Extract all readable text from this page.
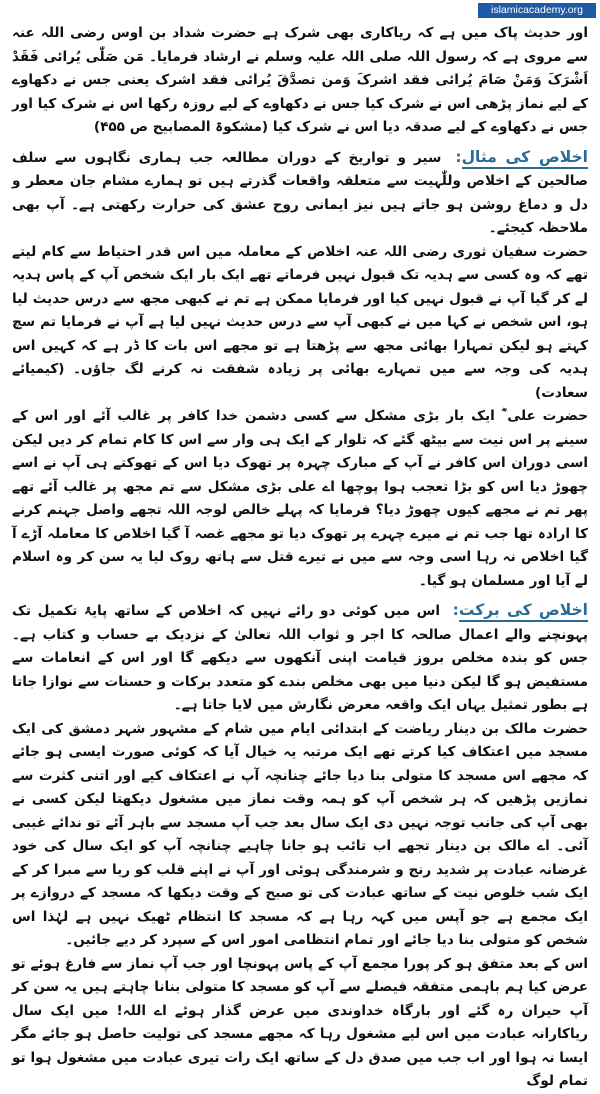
islamicacademy.org

اور حدیث پاک میں ہے کہ ریاکاری بھی شرک ہے حضرت شداد بن اوس رضی اللہ عنہ سے مروی ہے کہ رسول اللہ صلی اللہ علیہ وسلم نے ارشاد فرمایا۔ مَن صَلّٰی یُرائی فَقَدْ اَشْرَکَ وَمَنْ صَامَ یُرائی فقد اشرکَ وَمن تصدَّقَ یُرائی فقد اشرک یعنی جس نے دکھاوے کے لیے نماز پڑھی اس نے شرک کیا جس نے دکھاوے کے لیے روزہ رکھا اس نے شرک کیا اور جس نے دکھاوے کے لیے صدقہ دیا اس نے شرک کیا (مشکوۃ المصابیح ص ۴۵۵)

اخلاص کی مثال: سیر و تواریخ کے دوران مطالعہ جب ہماری نگاہوں سے سلف صالحین کے اخلاص وللّٰہیت سے متعلقہ واقعات گذرتے ہیں تو ہمارے مشام جان معطر و دل و دماغ روشن ہو جاتے ہیں نیز ایمانی روح عشق کی حرارت رکھتی ہے۔ آپ بھی ملاحظہ کیجئے۔

حضرت سفیان ثوری رضی اللہ عنہ اخلاص کے معاملہ میں اس قدر احتیاط سے کام لیتے تھے کہ وہ کسی سے ہدیہ تک قبول نہیں فرماتے تھے ایک بار ایک شخص آپ کے پاس ہدیہ لے کر گیا آپ نے قبول نہیں کیا اور فرمایا ممکن ہے تم نے کبھی مجھ سے درس حدیث لیا ہو، اس شخص نے کہا میں نے کبھی آپ سے درس حدیث نہیں لیا ہے آپ نے فرمایا تم سچ کہتے ہو لیکن تمہارا بھائی مجھ سے پڑھتا ہے تو مجھے اس بات کا ڈر ہے کہ کہیں اس ہدیہ کی وجہ سے میں تمہارے بھائی پر زیادہ شفقت نہ کرنے لگ جاؤں۔ (کیمیائے سعادت)

حضرت علی ؓ ایک بار بڑی مشکل سے کسی دشمن خدا کافر پر غالب آئے اور اس کے سینے پر اس نیت سے بیٹھ گئے کہ تلوار کے ایک ہی وار سے اس کا کام تمام کر دیں لیکن اسی دوران اس کافر نے آپ کے مبارک چہرہ پر تھوک دیا اس کے تھوکتے ہی آپ نے اسے چھوڑ دیا اس کو بڑا تعجب ہوا پوچھا اے علی بڑی مشکل سے تم مجھ پر غالب آئے تھے پھر تم نے مجھے کیوں چھوڑ دیا؟ فرمایا کہ پہلے خالص لوجہ اللہ تجھے واصل جہنم کرنے کا ارادہ تھا جب تم نے میرے چہرے پر تھوک دیا تو مجھے غصہ آ گیا اخلاص کا معاملہ آڑے آ گیا اخلاص نہ رہا اسی وجہ سے میں نے تیرے قتل سے ہاتھ روک لیا یہ سن کر وہ اسلام لے آیا اور مسلمان ہو گیا۔

اخلاص کی برکت: اس میں کوئی دو رائے نہیں کہ اخلاص کے ساتھ پایۂ تکمیل تک پہونچنے والے اعمال صالحہ کا اجر و ثواب اللہ تعالیٰ کے نزدیک بے حساب و کتاب ہے۔ جس کو بندہ مخلص بروز قیامت اپنی آنکھوں سے دیکھے گا اور اس کے انعامات سے مستفیض ہو گا لیکن دنیا میں بھی مخلص بندے کو متعدد برکات و حسنات سے نوازا جاتا ہے بطور تمثیل یہاں ایک واقعہ معرض نگارش میں لایا جاتا ہے۔

حضرت مالک بن دینار ریاضت کے ابتدائی ایام میں شام کے مشہور شہر دمشق کی ایک مسجد میں اعتکاف کیا کرتے تھے ایک مرتبہ یہ خیال آیا کہ کوئی صورت ایسی ہو جائے کہ مجھے اس مسجد کا متولی بنا دیا جائے چنانچہ آپ نے اعتکاف کیے اور اتنی کثرت سے نمازیں پڑھیں کہ ہر شخص آپ کو ہمہ وقت نماز میں مشغول دیکھتا لیکن کسی نے بھی آپ کی جانب توجہ نہیں دی ایک سال بعد جب آپ مسجد سے باہر آئے تو ندائے غیبی آئی۔ اے مالک بن دینار تجھے اب تائب ہو جانا چاہیے چنانچہ آپ کو ایک سال کی خود غرضانہ عبادت پر شدید رنج و شرمندگی ہوئی اور آپ نے اپنے قلب کو ریا سے مبرا کر کے ایک شب خلوص نیت کے ساتھ عبادت کی تو صبح کے وقت دیکھا کہ مسجد کے دروازے پر ایک مجمع ہے جو آپس میں کہہ رہا ہے کہ مسجد کا انتظام ٹھیک نہیں ہے لہٰذا اس شخص کو متولی بنا دیا جائے اور تمام انتظامی امور اس کے سپرد کر دیے جائیں۔

اس کے بعد متفق ہو کر پورا مجمع آپ کے پاس پہونچا اور جب آپ نماز سے فارغ ہوئے تو عرض کیا ہم باہمی متفقہ فیصلے سے آپ کو مسجد کا متولی بنانا چاہتے ہیں یہ سن کر آپ حیران رہ گئے اور بارگاہ خداوندی میں عرض گذار ہوئے اے اللہ! میں ایک سال ریاکارانہ عبادت میں اس لیے مشغول رہا کہ مجھے مسجد کی تولیت حاصل ہو جائے مگر ایسا نہ ہوا اور اب جب میں صدق دل کے ساتھ ایک رات تیری عبادت میں مشغول ہوا تو تمام لوگ
